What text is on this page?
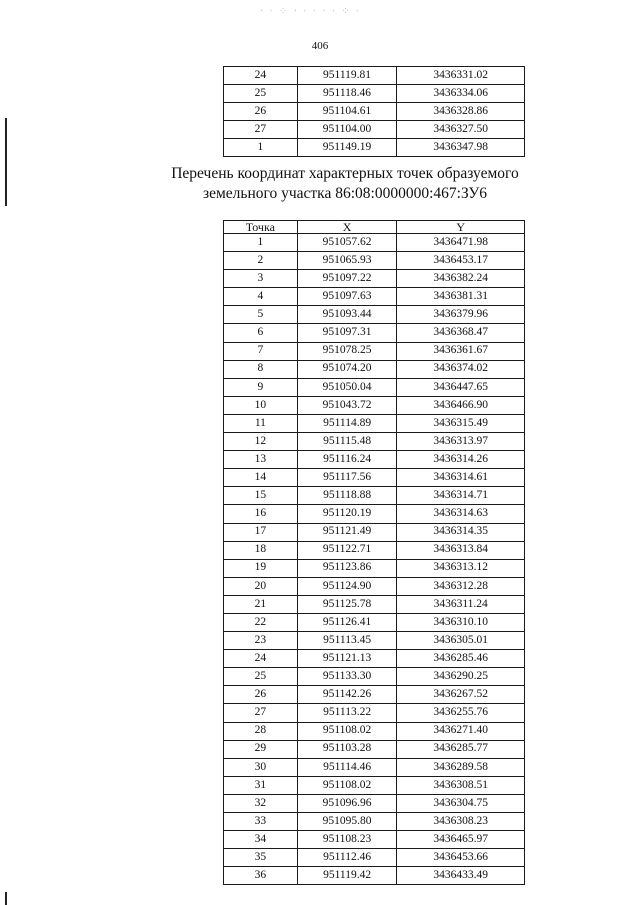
· ∙ ⁘ · ∙ · · ∙ ⁘ ∙
406
24	951119.81	3436331.02
25	951118.46	3436334.06
26	951104.61	3436328.86
27	951104.00	3436327.50
1	951149.19	3436347.98
Перечень координат характерных точек образуемого
земельного участка 86:08:0000000:467:ЗУ6
Точка	X	Y
1	951057.62	3436471.98
2	951065.93	3436453.17
3	951097.22	3436382.24
4	951097.63	3436381.31
5	951093.44	3436379.96
6	951097.31	3436368.47
7	951078.25	3436361.67
8	951074.20	3436374.02
9	951050.04	3436447.65
10	951043.72	3436466.90
11	951114.89	3436315.49
12	951115.48	3436313.97
13	951116.24	3436314.26
14	951117.56	3436314.61
15	951118.88	3436314.71
16	951120.19	3436314.63
17	951121.49	3436314.35
18	951122.71	3436313.84
19	951123.86	3436313.12
20	951124.90	3436312.28
21	951125.78	3436311.24
22	951126.41	3436310.10
23	951113.45	3436305.01
24	951121.13	3436285.46
25	951133.30	3436290.25
26	951142.26	3436267.52
27	951113.22	3436255.76
28	951108.02	3436271.40
29	951103.28	3436285.77
30	951114.46	3436289.58
31	951108.02	3436308.51
32	951096.96	3436304.75
33	951095.80	3436308.23
34	951108.23	3436465.97
35	951112.46	3436453.66
36	951119.42	3436433.49
